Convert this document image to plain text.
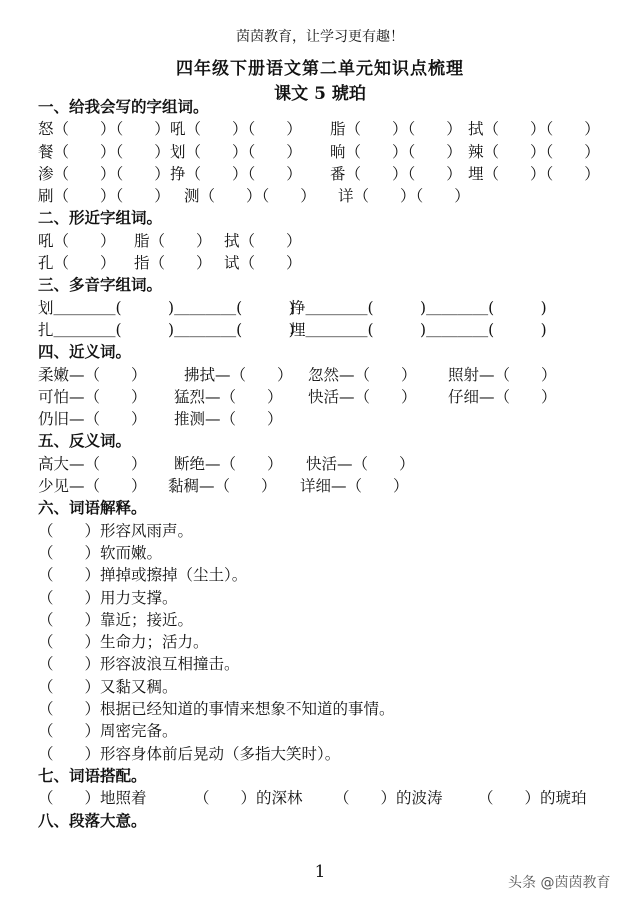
茵茵教育，让学习更有趣！
四年级下册语文第二单元知识点梳理
课文 5 琥珀
一、给我会写的字组词。
怒（　　）（　　） 吼（　　）（　　） 脂（　　）（　　） 拭（　　）（　　）
餐（　　）（　　） 划（　　）（　　） 晌（　　）（　　） 辣（　　）（　　）
渗（　　）（　　） 挣（　　）（　　） 番（　　）（　　） 埋（　　）（　　）
刷（　　）（　　） 测（　　）（　　） 详（　　）（　　）
二、形近字组词。
吼（　　） 脂（　　） 拭（　　）
孔（　　） 指（　　） 试（　　）
三、多音字组词。
划＿＿＿＿(　　　)＿＿＿＿(　　　)
挣＿＿＿＿(　　　)＿＿＿＿(　　　)
扎＿＿＿＿(　　　)＿＿＿＿(　　　)
埋＿＿＿＿(　　　)＿＿＿＿(　　　)
四、近义词。
柔嫩—（　　） 拂拭—（　　） 忽然—（　　） 照射—（　　）
可怕—（　　） 猛烈—（　　） 快活—（　　） 仔细—（　　）
仍旧—（　　） 推测—（　　）
五、反义词。
高大—（　　） 断绝—（　　） 快活—（　　）
少见—（　　） 黏稠—（　　） 详细—（　　）
六、词语解释。
（　　）形容风雨声。
（　　）软而嫩。
（　　）掸掉或擦掉（尘土）。
（　　）用力支撑。
（　　）靠近；接近。
（　　）生命力；活力。
（　　）形容波浪互相撞击。
（　　）又黏又稠。
（　　）根据已经知道的事情来想象不知道的事情。
（　　）周密完备。
（　　）形容身体前后晃动（多指大笑时）。
七、词语搭配。
（　　）地照着	（　　）的深林 （　　）的波涛 （　　）的琥珀
八、段落大意。
1
头条 @茵茵教育
